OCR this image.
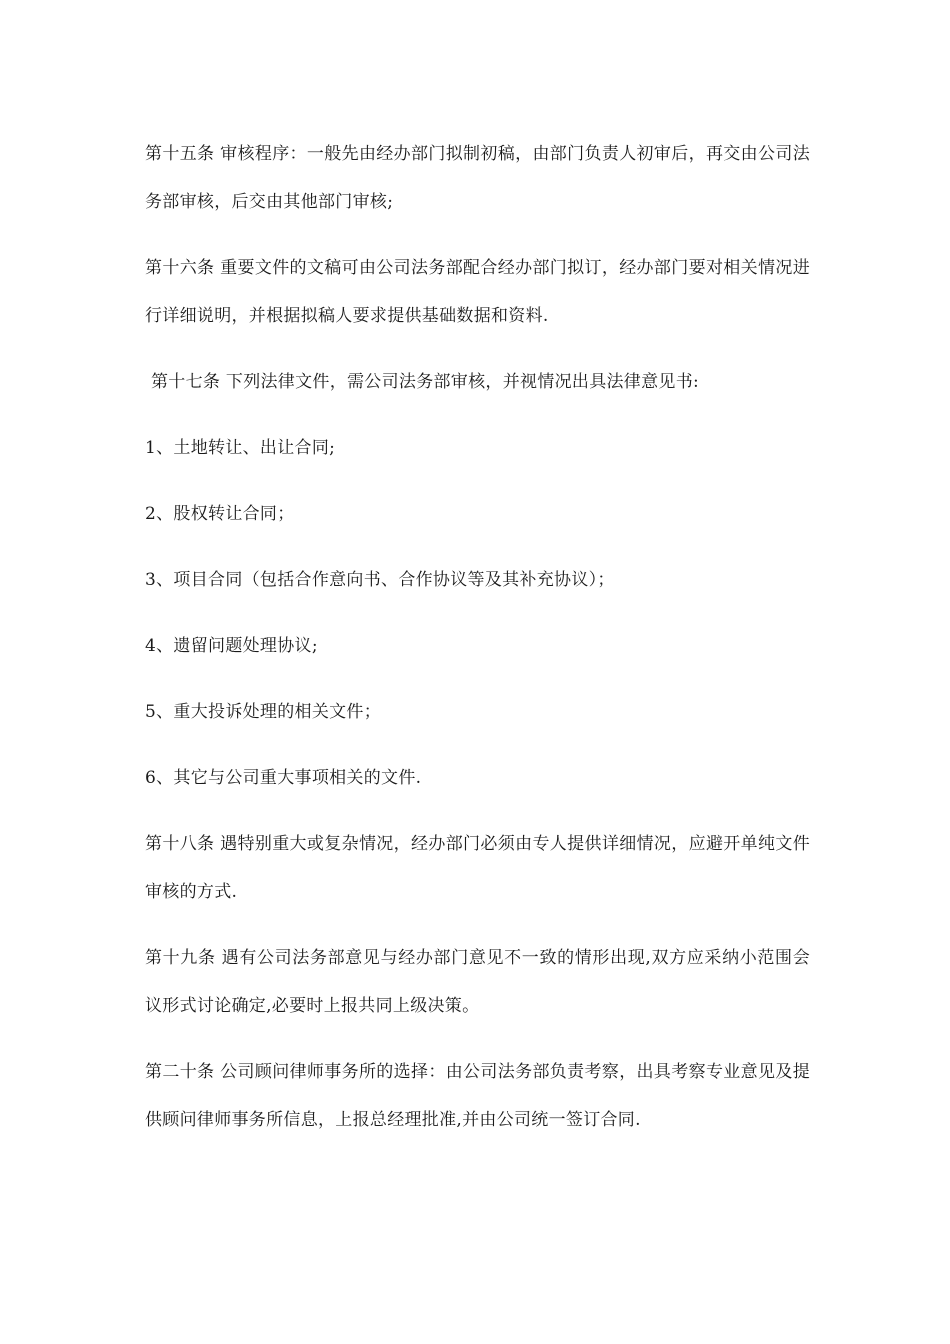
第十五条 审核程序：一般先由经办部门拟制初稿，由部门负责人初审后，再交由公司法务部审核，后交由其他部门审核;

第十六条 重要文件的文稿可由公司法务部配合经办部门拟订，经办部门要对相关情况进行详细说明，并根据拟稿人要求提供基础数据和资料.

第十七条 下列法律文件，需公司法务部审核，并视情况出具法律意见书:

1、土地转让、出让合同;

2、股权转让合同；

3、项目合同（包括合作意向书、合作协议等及其补充协议）；

4、遗留问题处理协议;

5、重大投诉处理的相关文件；

6、其它与公司重大事项相关的文件.

第十八条 遇特别重大或复杂情况，经办部门必须由专人提供详细情况，应避开单纯文件审核的方式.

第十九条 遇有公司法务部意见与经办部门意见不一致的情形出现,双方应采纳小范围会议形式讨论确定,必要时上报共同上级决策。

第二十条 公司顾问律师事务所的选择：由公司法务部负责考察，出具考察专业意见及提供顾问律师事务所信息，上报总经理批准,并由公司统一签订合同.
